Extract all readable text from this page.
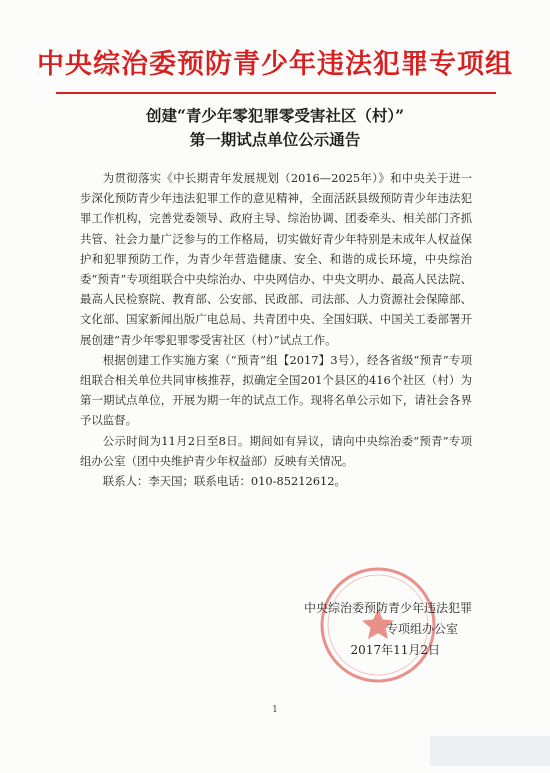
中央综治委预防青少年违法犯罪专项组
创建“青少年零犯罪零受害社区（村）”
第一期试点单位公示通告

为贯彻落实《中长期青年发展规划（2016—2025年）》和中央关于进一步深化预防青少年违法犯罪工作的意见精神，全面活跃县级预防青少年违法犯罪工作机构，完善党委领导、政府主导、综治协调、团委牵头、相关部门齐抓共管、社会力量广泛参与的工作格局，切实做好青少年特别是未成年人权益保护和犯罪预防工作，为青少年营造健康、安全、和谐的成长环境，中央综治委“预青”专项组联合中央综治办、中央网信办、中央文明办、最高人民法院、最高人民检察院、教育部、公安部、民政部、司法部、人力资源社会保障部、文化部、国家新闻出版广电总局、共青团中央、全国妇联、中国关工委部署开展创建“青少年零犯罪零受害社区（村）”试点工作。

根据创建工作实施方案（“预青”组【2017】3号），经各省级“预青”专项组联合相关单位共同审核推荐，拟确定全国201个县区的416个社区（村）为第一期试点单位，开展为期一年的试点工作。现将名单公示如下，请社会各界予以监督。

公示时间为11月2日至8日。期间如有异议，请向中央综治委“预青”专项组办公室（团中央维护青少年权益部）反映有关情况。

联系人：李天国；联系电话：010-85212612。

中央综治委预防青少年违法犯罪
专项组办公室
2017年11月2日
1
